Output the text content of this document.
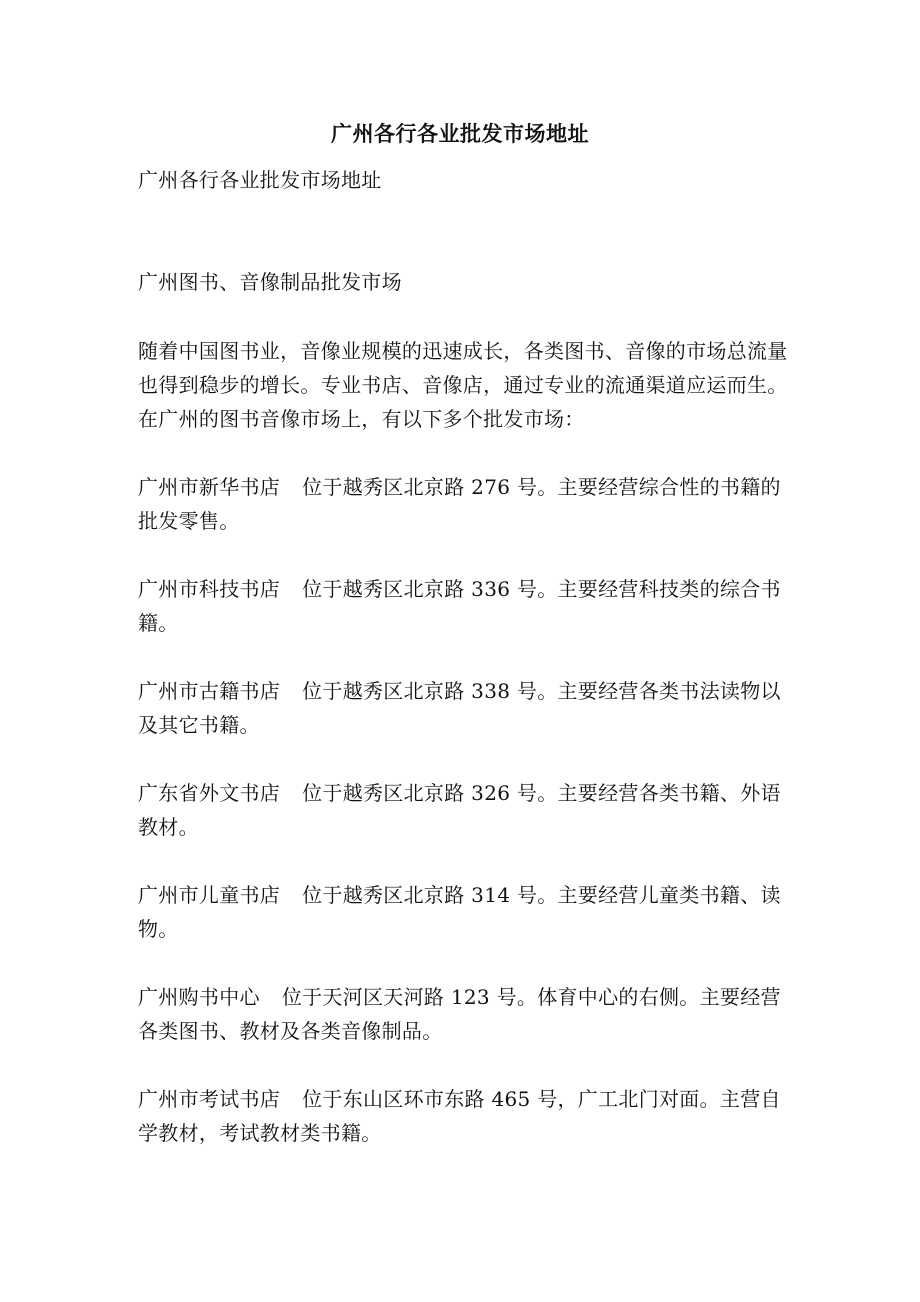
广州各行各业批发市场地址

广州各行各业批发市场地址

广州图书、音像制品批发市场

随着中国图书业，音像业规模的迅速成长，各类图书、音像的市场总流量也得到稳步的增长。专业书店、音像店，通过专业的流通渠道应运而生。在广州的图书音像市场上，有以下多个批发市场：

广州市新华书店 位于越秀区北京路 276 号。主要经营综合性的书籍的批发零售。

广州市科技书店 位于越秀区北京路 336 号。主要经营科技类的综合书籍。

广州市古籍书店 位于越秀区北京路 338 号。主要经营各类书法读物以及其它书籍。

广东省外文书店 位于越秀区北京路 326 号。主要经营各类书籍、外语教材。

广州市儿童书店 位于越秀区北京路 314 号。主要经营儿童类书籍、读物。

广州购书中心 位于天河区天河路 123 号。体育中心的右侧。主要经营各类图书、教材及各类音像制品。

广州市考试书店 位于东山区环市东路 465 号，广工北门对面。主营自学教材，考试教材类书籍。
